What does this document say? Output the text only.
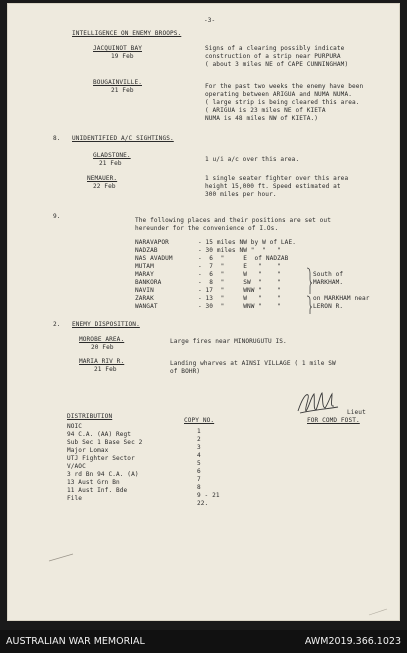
-3-
INTELLIGENCE ON ENEMY BROOPS.
JACQUINOT BAY
19 Feb
Signs of a clearing possibly indicate
construction of a strip near PURPURA
( about 3 miles NE of CAPE CUNNINGHAM)
BOUGAINVILLE.
21 Feb
For the past two weeks the enemy have been
operating between ARIGUA and NUMA NUMA.
( large strip is being cleared this area.
( ARIGUA is 23 miles NE of KIETA
NUMA is 48 miles NW of KIETA.)
8. UNIDENTIFIED A/C SIGHTINGS.
GLADSTONE.
21 Feb
1 u/i a/c over this area.
NEMAUER.
22 Feb
1 single seater fighter over this area
height 15,000 ft. Speed estimated at
300 miles per hour.
9.
The following places and their positions are set out
hereunder for the convenience of I.Os.
NARAVAPOR	- 15 miles NW by W of LAE.
NADZAB	- 30 miles NW "  "   "
NAS AVADUM	-  6  "     E  of NADZAB
MUTAM	-  7  "     E   "    "
MARAY	-  6  "     W   "    "
BANKORA	-  8  "     SW  "    "
NAVIN	- 17  "     WNW "    "
ZARAK	- 13  "     W   "    "
WANGAT	- 30  "     WNW "    "
South of
MARKHAM.
on MARKHAM near
LERON R.
2. ENEMY DISPOSITION.
MOROBE AREA.
20 Feb
Large fires near MINORUGUTU IS.
MARIA RIV R.
21 Feb
Landing wharves at AINSI VILLAGE ( 1 mile SW
of BOHR)
Lieut
FOR COMD FOST.
DISTRIBUTION
COPY NO.
NOIC
1
94 C.A. (AA) Regt
2
Sub Sec 1 Base Sec 2
3
Major Lomax
4
UTJ Fighter Sector
5
V/AOC
6
3 rd Bn 94 C.A. (A)
7
13 Aust Grn Bn
8
11 Aust Inf. Bde
9 - 21
File
22.
AUSTRALIAN WAR MEMORIAL	AWM2019.366.1023
